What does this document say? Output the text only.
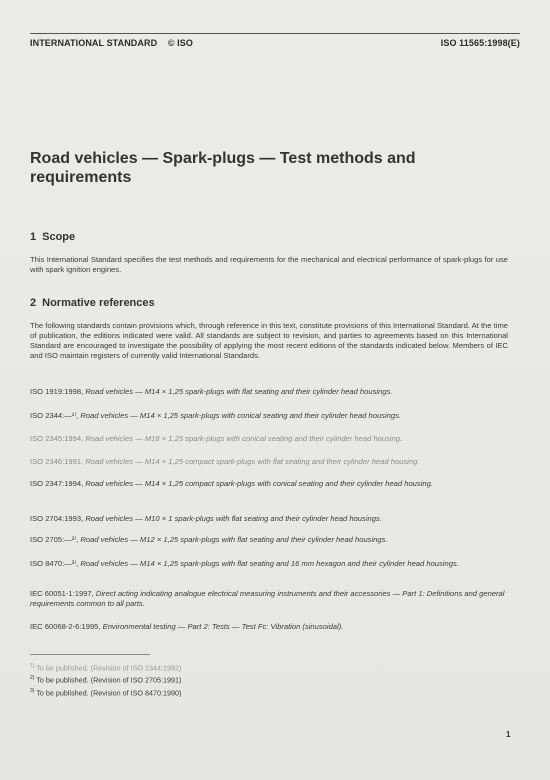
INTERNATIONAL STANDARD © ISO	ISO 11565:1998(E)
Road vehicles — Spark-plugs — Test methods and requirements
1 Scope
This International Standard specifies the test methods and requirements for the mechanical and electrical performance of spark-plugs for use with spark ignition engines.
2 Normative references
The following standards contain provisions which, through reference in this text, constitute provisions of this International Standard. At the time of publication, the editions indicated were valid. All standards are subject to revision, and parties to agreements based on this International Standard are encouraged to investigate the possibility of applying the most recent editions of the standards indicated below. Members of IEC and ISO maintain registers of currently valid International Standards.
ISO 1919:1998, Road vehicles — M14 × 1,25 spark-plugs with flat seating and their cylinder head housings.
ISO 2344:—¹⁾, Road vehicles — M14 × 1,25 spark-plugs with conical seating and their cylinder head housings.
ISO 2345:1994, Road vehicles — M18 × 1,25 spark-plugs with conical seating and their cylinder head housing.
ISO 2346:1991, Road vehicles — M14 × 1,25 compact spark-plugs with flat seating and their cylinder head housing.
ISO 2347:1994, Road vehicles — M14 × 1,25 compact spark-plugs with conical seating and their cylinder head housing.
ISO 2704:1993, Road vehicles — M10 × 1 spark-plugs with flat seating and their cylinder head housings.
ISO 2705:—²⁾, Road vehicles — M12 × 1,25 spark-plugs with flat seating and their cylinder head housings.
ISO 8470:—³⁾, Road vehicles — M14 × 1,25 spark-plugs with flat seating and 16 mm hexagon and their cylinder head housings.
IEC 60051-1:1997, Direct acting indicating analogue electrical measuring instruments and their accessories — Part 1: Definitions and general requirements common to all parts.
IEC 60068-2-6:1995, Environmental testing — Part 2: Tests — Test Fc: Vibration (sinusoidal).
$^{1)}$ To be published. (Revision of ISO 2344:1992)
$^{2)}$ To be published. (Revision of ISO 2705:1991)
$^{3)}$ To be published. (Revision of ISO 8470:1990)
1
